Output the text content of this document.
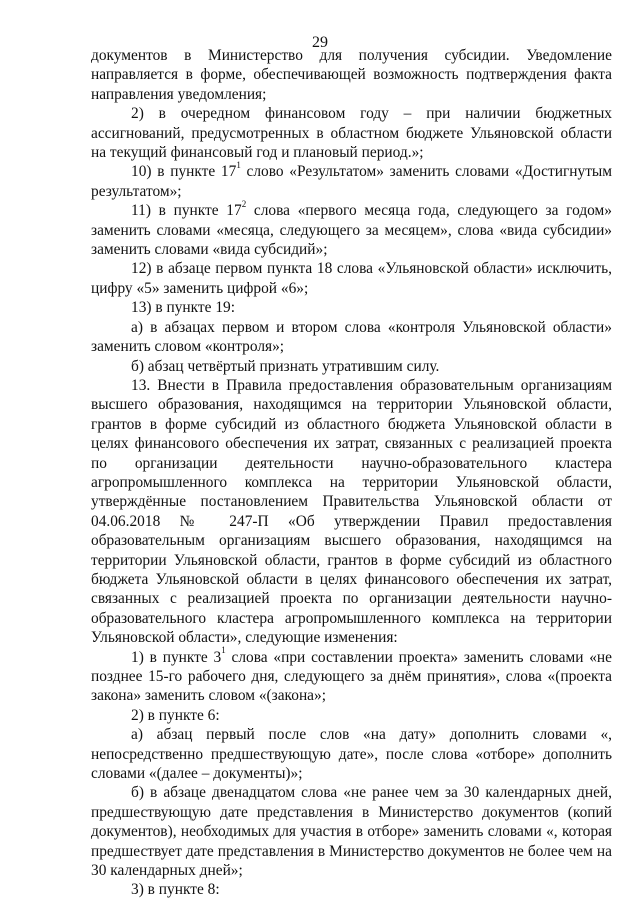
29

документов в Министерство для получения субсидии. Уведомление направляется в форме, обеспечивающей возможность подтверждения факта направления уведомления;

2) в очередном финансовом году – при наличии бюджетных ассигнований, предусмотренных в областном бюджете Ульяновской области на текущий финансовый год и плановый период.»;

10) в пункте $17^1$ слово «Результатом» заменить словами «Достигнутым результатом»;

11) в пункте $17^2$ слова «первого месяца года, следующего за годом» заменить словами «месяца, следующего за месяцем», слова «вида субсидии» заменить словами «вида субсидий»;

12) в абзаце первом пункта 18 слова «Ульяновской области» исключить, цифру «5» заменить цифрой «6»;

13) в пункте 19:

а) в абзацах первом и втором слова «контроля Ульяновской области» заменить словом «контроля»;

б) абзац четвёртый признать утратившим силу.

13. Внести в Правила предоставления образовательным организациям высшего образования, находящимся на территории Ульяновской области, грантов в форме субсидий из областного бюджета Ульяновской области в целях финансового обеспечения их затрат, связанных с реализацией проекта по организации деятельности научно-образовательного кластера агропромышленного комплекса на территории Ульяновской области, утверждённые постановлением Правительства Ульяновской области от 04.06.2018 № 247-П «Об утверждении Правил предоставления образовательным организациям высшего образования, находящимся на территории Ульяновской области, грантов в форме субсидий из областного бюджета Ульяновской области в целях финансового обеспечения их затрат, связанных с реализацией проекта по организации деятельности научно-образовательного кластера агропромышленного комплекса на территории Ульяновской области», следующие изменения:

1) в пункте $3^1$ слова «при составлении проекта» заменить словами «не позднее 15-го рабочего дня, следующего за днём принятия», слова «(проекта закона» заменить словом «(закона»;

2) в пункте 6:

а) абзац первый после слов «на дату» дополнить словами «, непосредственно предшествующую дате», после слова «отборе» дополнить словами «(далее – документы)»;

б) в абзаце двенадцатом слова «не ранее чем за 30 календарных дней, предшествующую дате представления в Министерство документов (копий документов), необходимых для участия в отборе» заменить словами «, которая предшествует дате представления в Министерство документов не более чем на 30 календарных дней»;

3) в пункте 8:
